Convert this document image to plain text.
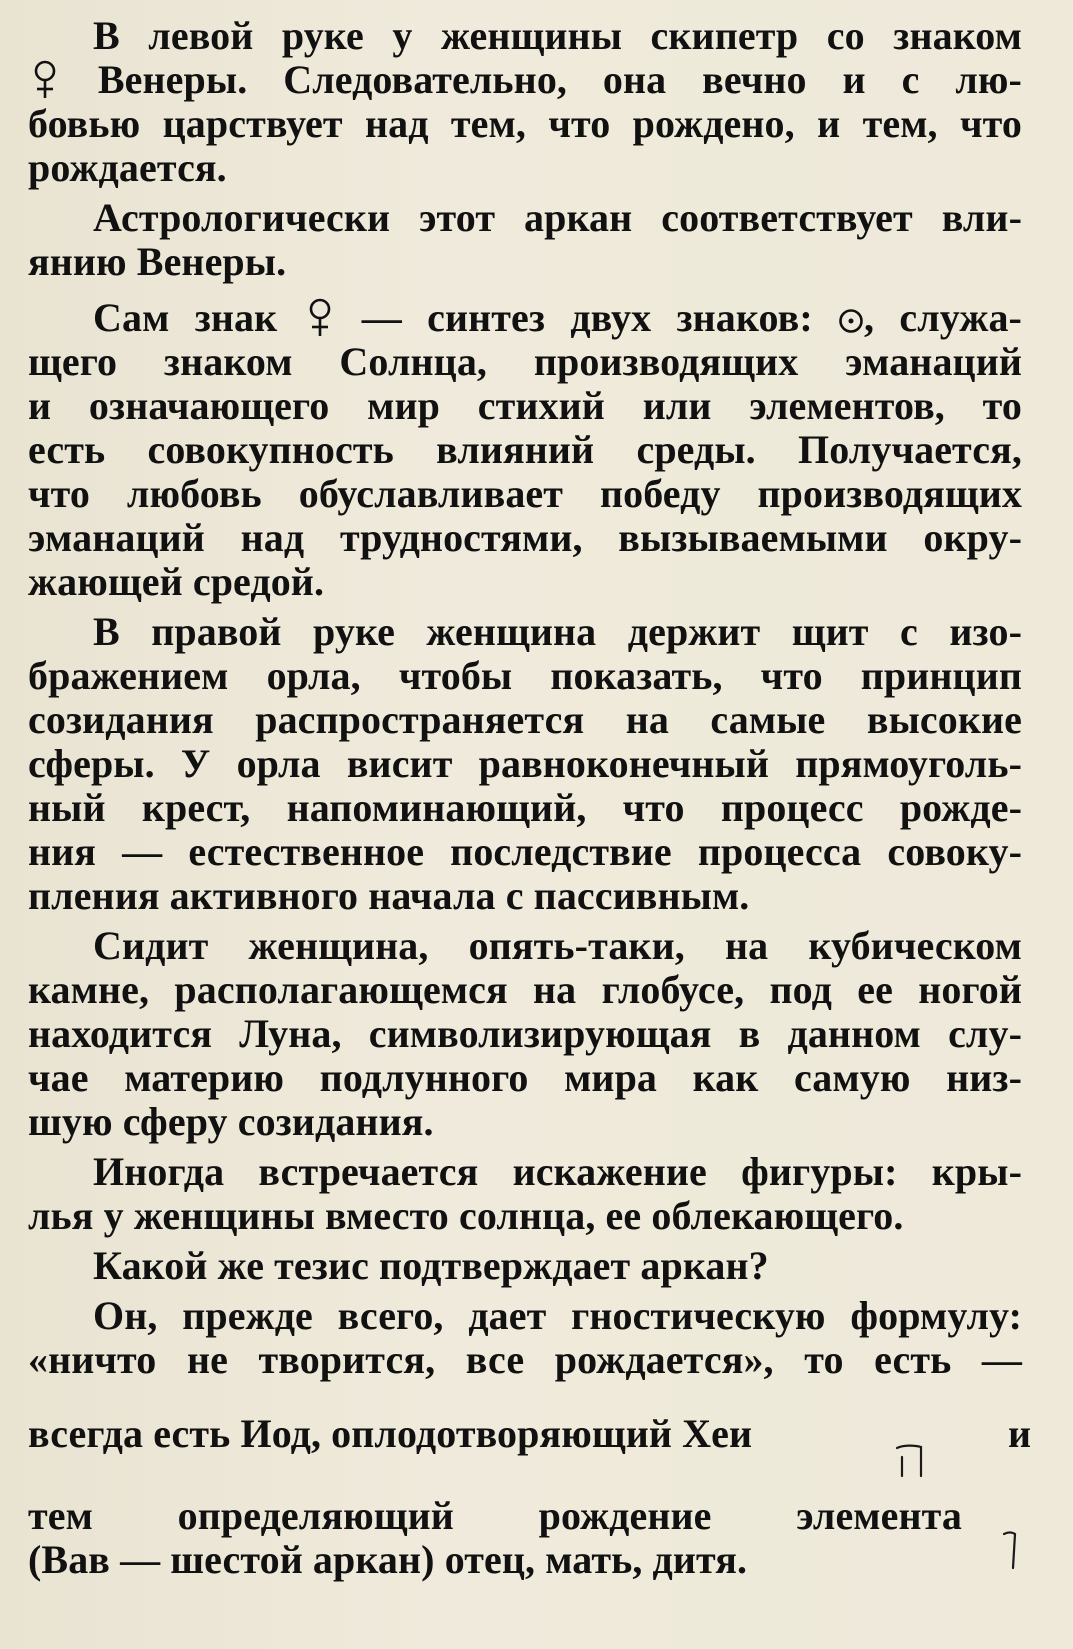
В левой руке у женщины скипетр со знаком
Венеры. Следовательно, она вечно и с лю-
бовью царствует над тем, что рождено, и тем, что
рождается.
Астрологически этот аркан соответствует вли-
янию Венеры.
Сам знак — синтез двух знаков: , служа-
щего знаком Солнца, производящих эманаций
и означающего мир стихий или элементов, то
есть совокупность влияний среды. Получается,
что любовь обуславливает победу производящих
эманаций над трудностями, вызываемыми окру-
жающей средой.
В правой руке женщина держит щит с изо-
бражением орла, чтобы показать, что принцип
созидания распространяется на самые высокие
сферы. У орла висит равноконечный прямоуголь-
ный крест, напоминающий, что процесс рожде-
ния — естественное последствие процесса совоку-
пления активного начала с пассивным.
Сидит женщина, опять-таки, на кубическом
камне, располагающемся на глобусе, под ее ногой
находится Луна, символизирующая в данном слу-
чае материю подлунного мира как самую низ-
шую сферу созидания.
Иногда встречается искажение фигуры: кры-
лья у женщины вместо солнца, ее облекающего.
Какой же тезис подтверждает аркан?
Он, прежде всего, дает гностическую формулу:
«ничто не творится, все рождается», то есть —
всегда есть Иод, оплодотворяющий Хеи	и
тем определяющий рождение элемента
(Вав — шестой аркан) отец, мать, дитя.
